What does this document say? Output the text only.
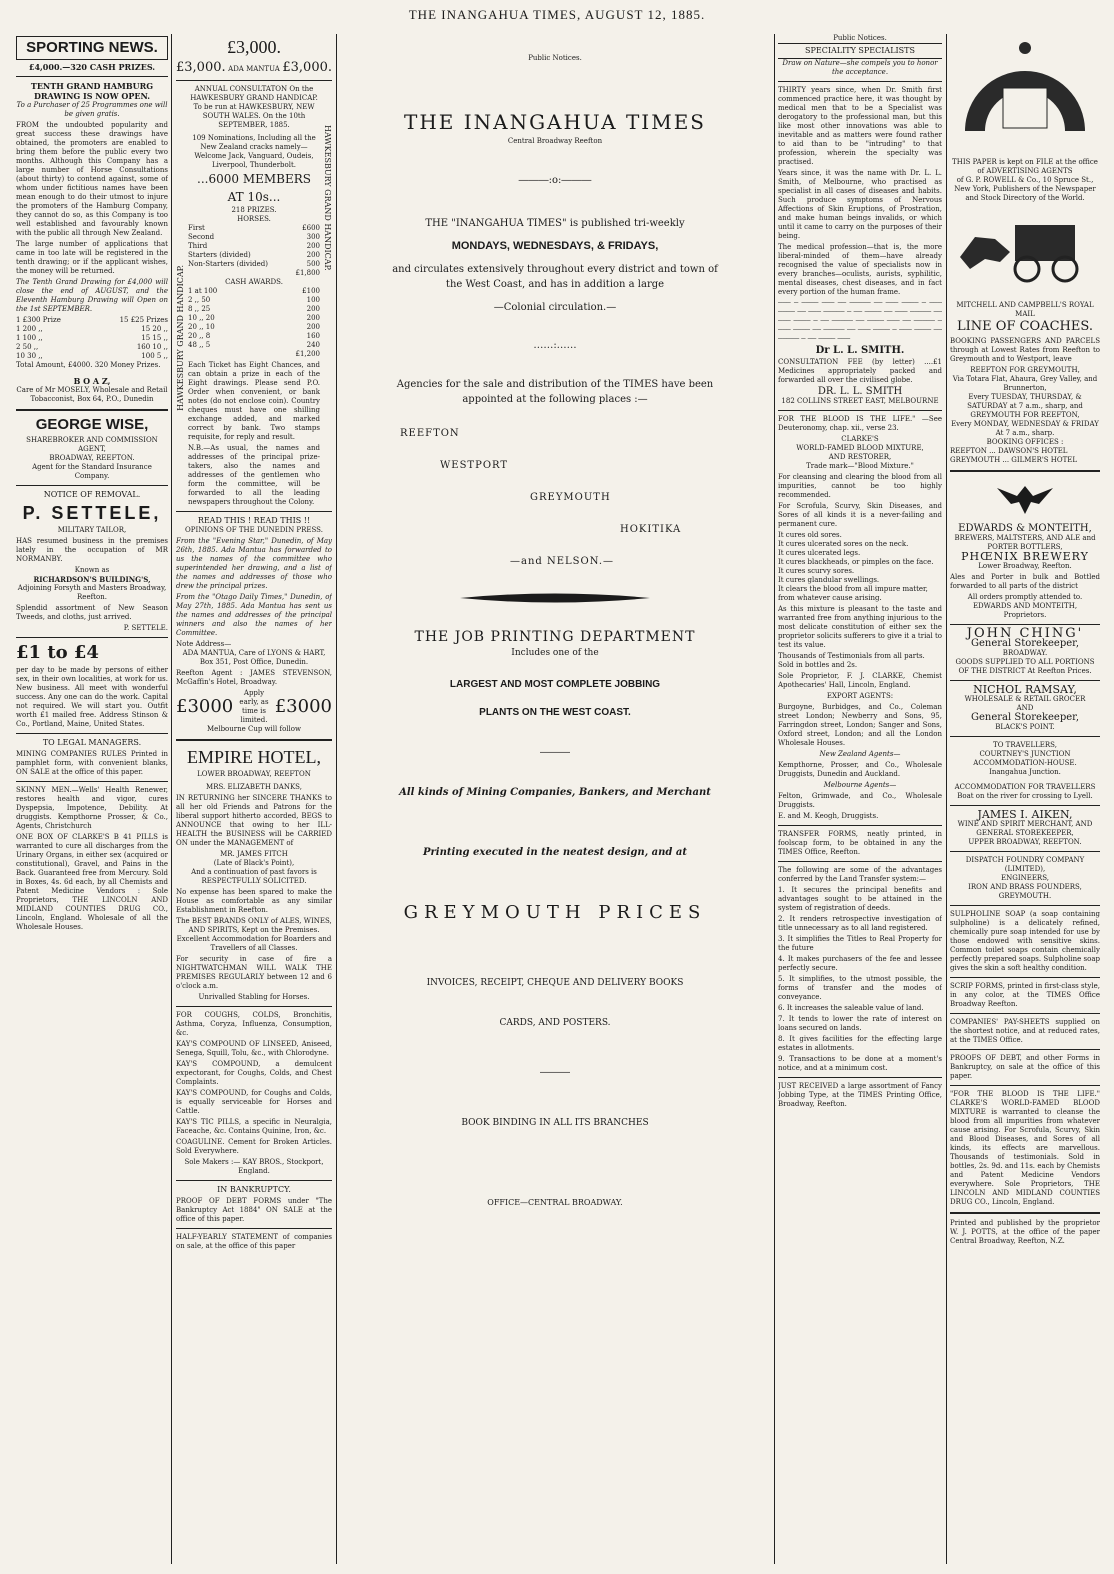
THE INANGAHUA TIMES, AUGUST 12, 1885.
SPORTING NEWS.
£4,000.—320 CASH PRIZES.
TENTH GRAND HAMBURG DRAWING IS NOW OPEN.
To a Purchaser of 25 Programmes one will be given gratis.
FROM the undoubted popularity and great success these drawings have obtained, the promoters are enabled to bring them before the public every two months. Although this Company has a large number of Horse Consultations (about thirty) to contend against, some of whom under fictitious names have been mean enough to do their utmost to injure the promoters of the Hamburg Company, they cannot do so, as this Company is too well established and favourably known with the public all through New Zealand.
The large number of applications that came in too late will be registered in the tenth drawing; or if the applicant wishes, the money will be returned.
The Tenth Grand Drawing for £4,000 will close the end of AUGUST, and the Eleventh Hamburg Drawing will Open on the 1st SEPTEMBER.
1 £300 Prize	15 £25 Prizes
1 200 ,,	15 20 ,,
1 100 ,,	15 15 ,,
2 50 ,,	160 10 ,,
10 30 ,,	100 5 ,,
Total Amount, £4000. 320 Money Prizes.
B O A Z,
Care of Mr MOSELY, Wholesale and Retail Tobacconist, Box 64, P.O., Dunedin
GEORGE WISE,
SHAREBROKER AND COMMISSION AGENT,
BROADWAY, REEFTON.
Agent for the Standard Insurance Company.
NOTICE OF REMOVAL.
P. SETTELE,
MILITARY TAILOR,
HAS resumed business in the premises lately in the occupation of MR NORMANBY.
Known as
RICHARDSON'S BUILDING'S,
Adjoining Forsyth and Masters Broadway, Reefton.
Splendid assortment of New Season Tweeds, and cloths, just arrived.
P. SETTELE.
£1 to £4
per day to be made by persons of either sex, in their own localities, at work for us. New business. All meet with wonderful success. Any one can do the work. Capital not required. We will start you. Outfit worth £1 mailed free. Address Stinson & Co., Portland, Maine, United States.
TO LEGAL MANAGERS.
MINING COMPANIES RULES Printed in pamphlet form, with convenient blanks, ON SALE at the office of this paper.
SKINNY MEN.—Wells' Health Renewer, restores health and vigor, cures Dyspepsia, Impotence, Debility. At druggists. Kempthorne Prosser, & Co., Agents, Christchurch
ONE BOX OF CLARKE'S B 41 PILLS is warranted to cure all discharges from the Urinary Organs, in either sex (acquired or constitutional), Gravel, and Pains in the Back. Guaranteed free from Mercury. Sold in Boxes, 4s. 6d each, by all Chemists and Patent Medicine Vendors : Sole Proprietors, THE LINCOLN AND MIDLAND COUNTIES DRUG CO., Lincoln, England. Wholesale of all the Wholesale Houses.
£3,000.
£3,000. ADA MANTUA £3,000.
HAWKESBURY GRAND HANDICAP.
HAWKESBURY GRAND HANDICAP.
ANNUAL CONSULTATON On the HAWKESBURY GRAND HANDICAP.
To be run at HAWKESBURY, NEW SOUTH WALES. On the 10th SEPTEMBER, 1885.
109 Nominations, Including all the New Zealand cracks namely—Welcome Jack, Vanguard, Oudeis, Liverpool, Thunderbolt.
...6000 MEMBERS AT 10s...
218 PRIZES.
HORSES.
First	£600
Second	300
Third	200
Starters (divided)	200
Non-Starters (divided)	500
£1,800
CASH AWARDS.
1 at 100	£100
2 ,, 50	100
8 ,, 25	200
10 ,, 20	200
20 ,, 10	200
20 ,, 8	160
48 ,, 5	240
£1,200
Each Ticket has Eight Chances, and can obtain a prize in each of the Eight drawings. Please send P.O. Order when convenient, or bank notes (do not enclose coin). Country cheques must have one shilling exchange added, and marked correct by bank. Two stamps requisite, for reply and result.
N.B.—As usual, the names and addresses of the principal prize-takers, also the names and addresses of the gentlemen who form the committee, will be forwarded to all the leading newspapers throughout the Colony.
READ THIS ! READ THIS !!
OPINIONS OF THE DUNEDIN PRESS.
From the "Evening Star," Dunedin, of May 26th, 1885. Ada Mantua has forwarded to us the names of the committee who superintended her drawing, and a list of the names and addresses of those who drew the principal prizes.
From the "Otago Daily Times," Dunedin, of May 27th, 1885. Ada Mantua has sent us the names and addresses of the principal winners and also the names of her Committee.
Note Address—
ADA MANTUA, Care of LYONS & HART, Box 351, Post Office, Dunedin.
Reefton Agent : JAMES STEVENSON, McGaffin's Hotel, Broadway.
£3000
Apply early, as time is limited.
£3000
Melbourne Cup will follow
EMPIRE HOTEL,
LOWER BROADWAY, REEFTON
MRS. ELIZABETH DANKS,
IN RETURNING her SINCERE THANKS to all her old Friends and Patrons for the liberal support hitherto accorded, BEGS to ANNOUNCE that owing to her ILL-HEALTH the BUSINESS will be CARRIED ON under the MANAGEMENT of
MR. JAMES FITCH
(Late of Black's Point),
And a continuation of past favors is RESPECTFULLY SOLICITED.
No expense has been spared to make the House as comfortable as any similar Establishment in Reefton.
The BEST BRANDS ONLY of ALES, WINES, AND SPIRITS, Kept on the Premises.
Excellent Accommodation for Boarders and Travellers of all Classes.
For security in case of fire a NIGHTWATCHMAN WILL WALK THE PREMISES REGULARLY between 12 and 6 o'clock a.m.
Unrivalled Stabling for Horses.
FOR COUGHS, COLDS, Bronchitis, Asthma, Coryza, Influenza, Consumption, &c.
KAY'S COMPOUND OF LINSEED, Aniseed, Senega, Squill, Tolu, &c., with Chlorodyne.
KAY'S COMPOUND, a demulcent expectorant, for Coughs, Colds, and Chest Complaints.
KAY'S COMPOUND, for Coughs and Colds, is equally serviceable for Horses and Cattle.
KAY'S TIC PILLS, a specific in Neuralgia, Faceache, &c. Contains Quinine, Iron, &c.
COAGULINE. Cement for Broken Articles. Sold Everywhere.
Sole Makers :— KAY BROS., Stockport, England.
IN BANKRUPTCY.
PROOF OF DEBT FORMS under "The Bankruptcy Act 1884" ON SALE at the office of this paper.
HALF-YEARLY STATEMENT of companies on sale, at the office of this paper
Public Notices.
THE INANGAHUA TIMES
Central Broadway Reefton
―――:o:―――
THE "INANGAHUA TIMES" is published tri-weekly
MONDAYS, WEDNESDAYS, & FRIDAYS,
and circulates extensively throughout every district and town of the West Coast, and has in addition a large
—Colonial circulation.—
……:……
Agencies for the sale and distribution of the TIMES have been appointed at the following places :—
REEFTON
WESTPORT
GREYMOUTH
HOKITIKA
—and NELSON.—
THE JOB PRINTING DEPARTMENT
Includes one of the
LARGEST AND MOST COMPLETE JOBBING
PLANTS ON THE WEST COAST.
―――
All kinds of Mining Companies, Bankers, and Merchant
Printing executed in the neatest design, and at
GREYMOUTH PRICES
INVOICES, RECEIPT, CHEQUE AND DELIVERY BOOKS
CARDS, AND POSTERS.
―――
BOOK BINDING IN ALL ITS BRANCHES
OFFICE—CENTRAL BROADWAY.
Public Notices.
SPECIALITY SPECIALISTS
Draw on Nature—she compels you to honor the acceptance.
THIRTY years since, when Dr. Smith first commenced practice here, it was thought by medical men that to be a Specialist was derogatory to the professional man, but this like most other innovations was able to inevitable and as matters were found rather to aid than to be "intruding" to that profession, wherein the specialty was practised.
Years since, it was the name with Dr. L. L. Smith, of Melbourne, who practised as specialist in all cases of diseases and habits. Such produce symptoms of Nervous Affections of Skin Eruptions, of Prostration, and make human beings invalids, or which until it came to carry on the purposes of their being.
The medical profession—that is, the more liberal-minded of them—have already recognised the value of specialists now in every branches—oculists, aurists, syphilitic, mental diseases, chest diseases, and in fact every portion of the human frame.
─── ─ ──── ─── ── ───── ── ─── ──── ─ ─── ──── ── ─── ───── ─ ── ──── ── ─── ───── ── ─── ──── ─ ── ───── ── ──── ─── ── ───── ─ ─── ──── ── ───── ── ─── ──── ─ ─── ──── ── ───── ─ ── ──── ───
Dr L. L. SMITH.
CONSULTATION FEE (by letter) ....£1 Medicines appropriately packed and forwarded all over the civilised globe.
DR. L. L. SMITH
182 COLLINS STREET EAST, MELBOURNE
FOR THE BLOOD IS THE LIFE." —See Deuteronomy, chap. xii., verse 23.
CLARKE'S
WORLD-FAMED BLOOD MIXTURE,
AND RESTORER,
Trade mark—"Blood Mixture."
For cleansing and clearing the blood from all impurities, cannot be too highly recommended.
For Scrofula, Scurvy, Skin Diseases, and Sores of all kinds it is a never-failing and permanent cure.
It cures old sores.
It cures ulcerated sores on the neck.
It cures ulcerated legs.
It cures blackheads, or pimples on the face.
It cures scurvy sores.
It cures glandular swellings.
It clears the blood from all impure matter, from whatever cause arising.
As this mixture is pleasant to the taste and warranted free from anything injurious to the most delicate constitution of either sex the proprietor solicits sufferers to give it a trial to test its value.
Thousands of Testimonials from all parts.
Sold in bottles and 2s.
Sole Proprietor, F. J. CLARKE, Chemist Apothecaries' Hall, Lincoln, England.
EXPORT AGENTS:
Burgoyne, Burbidges, and Co., Coleman street London; Newberry and Sons, 95, Farringdon street, London; Sanger and Sons, Oxford street, London; and all the London Wholesale Houses.
New Zealand Agents—
Kempthorne, Prosser, and Co., Wholesale Druggists, Dunedin and Auckland.
Melbourne Agents—
Felton, Grimwade, and Co., Wholesale Druggists.
E. and M. Keogh, Druggists.
TRANSFER FORMS, neatly printed, in foolscap form, to be obtained in any the TIMES Office, Reefton.
The following are some of the advantages conferred by the Land Transfer system:—
1. It secures the principal benefits and advantages sought to be attained in the system of registration of deeds.
2. It renders retrospective investigation of title unnecessary as to all land registered.
3. It simplifies the Titles to Real Property for the future
4. It makes purchasers of the fee and lessee perfectly secure.
5. It simplifies, to the utmost possible, the forms of transfer and the modes of conveyance.
6. It increases the saleable value of land.
7. It tends to lower the rate of interest on loans secured on lands.
8. It gives facilities for the effecting large estates in allotments.
9. Transactions to be done at a moment's notice, and at a minimum cost.
JUST RECEIVED a large assortment of Fancy Jobbing Type, at the TIMES Printing Office, Broadway, Reefton.
THIS PAPER is kept on FILE at the office of ADVERTISING AGENTS
of G. P. ROWELL & Co., 10 Spruce St., New York, Publishers of the Newspaper and Stock Directory of the World.
MITCHELL AND CAMPBELL'S ROYAL MAIL
LINE OF COACHES.
BOOKING PASSENGERS AND PARCELS through at Lowest Rates from Reefton to Greymouth and to Westport, leave
REEFTON FOR GREYMOUTH,
Via Totara Flat, Ahaura, Grey Valley, and Brunnerton,
Every TUESDAY, THURSDAY, & SATURDAY at 7 a.m., sharp, and
GREYMOUTH FOR REEFTON,
Every MONDAY, WEDNESDAY & FRIDAY At 7 a.m., sharp.
BOOKING OFFICES :
REEFTON ... DAWSON'S HOTEL
GREYMOUTH ... GILMER'S HOTEL
EDWARDS & MONTEITH,
BREWERS, MALTSTERS, AND ALE and PORTER BOTTLERS,
PHŒNIX BREWERY
Lower Broadway, Reefton.
Ales and Porter in bulk and Bottled forwarded to all parts of the district
All orders promptly attended to.
EDWARDS AND MONTEITH,
Proprietors.
JOHN CHING'
General Storekeeper,
BROADWAY.
GOODS SUPPLIED TO ALL PORTIONS OF THE DISTRICT At Reefton Prices.
NICHOL RAMSAY,
WHOLESALE & RETAIL GROCER
AND
General Storekeeper,
BLACK'S POINT.
TO TRAVELLERS,
COURTNEY'S JUNCTION ACCOMMODATION-HOUSE.
Inangahua Junction.
ACCOMMODATION FOR TRAVELLERS
Boat on the river for crossing to Lyell.
JAMES I. AIKEN,
WINE AND SPIRIT MERCHANT, AND GENERAL STOREKEEPER,
UPPER BROADWAY, REEFTON.
DISPATCH FOUNDRY COMPANY (LIMITED),
ENGINEERS,
IRON AND BRASS FOUNDERS,
GREYMOUTH.
SULPHOLINE SOAP (a soap containing sulpholine) is a delicately refined, chemically pure soap intended for use by those endowed with sensitive skins. Common toilet soaps contain chemically perfectly prepared soaps. Sulpholine soap gives the skin a soft healthy condition.
SCRIP FORMS, printed in first-class style, in any color, at the TIMES Office Broadway Reefton.
COMPANIES' PAY-SHEETS supplied on the shortest notice, and at reduced rates, at the TIMES Office.
PROOFS OF DEBT, and other Forms in Bankruptcy, on sale at the office of this paper.
"FOR THE BLOOD IS THE LIFE." CLARKE'S WORLD-FAMED BLOOD MIXTURE is warranted to cleanse the blood from all impurities from whatever cause arising. For Scrofula, Scurvy, Skin and Blood Diseases, and Sores of all kinds, its effects are marvellous. Thousands of testimonials. Sold in bottles, 2s. 9d. and 11s. each by Chemists and Patent Medicine Vendors everywhere. Sole Proprietors, THE LINCOLN AND MIDLAND COUNTIES DRUG CO., Lincoln, England.
Printed and published by the proprietor W. J. POTTS, at the office of the paper Central Broadway, Reefton, N.Z.
